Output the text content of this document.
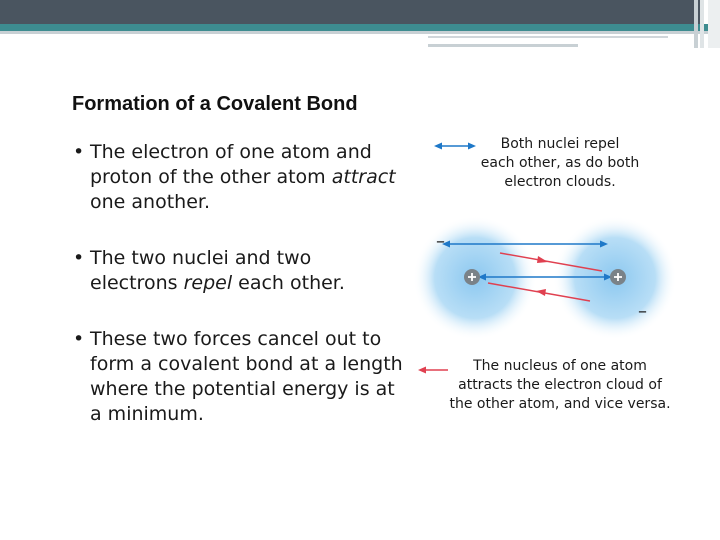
Formation of a Covalent Bond
• The electron of one atom and proton of the other atom attract one another.
• The two nuclei and two electrons repel each other.
• These two forces cancel out to form a covalent bond at a length where the potential energy is at a minimum.
Both nuclei repel
each other, as do both
electron clouds.
The nucleus of one atom
attracts the electron cloud of
the other atom, and vice versa.
–
–
